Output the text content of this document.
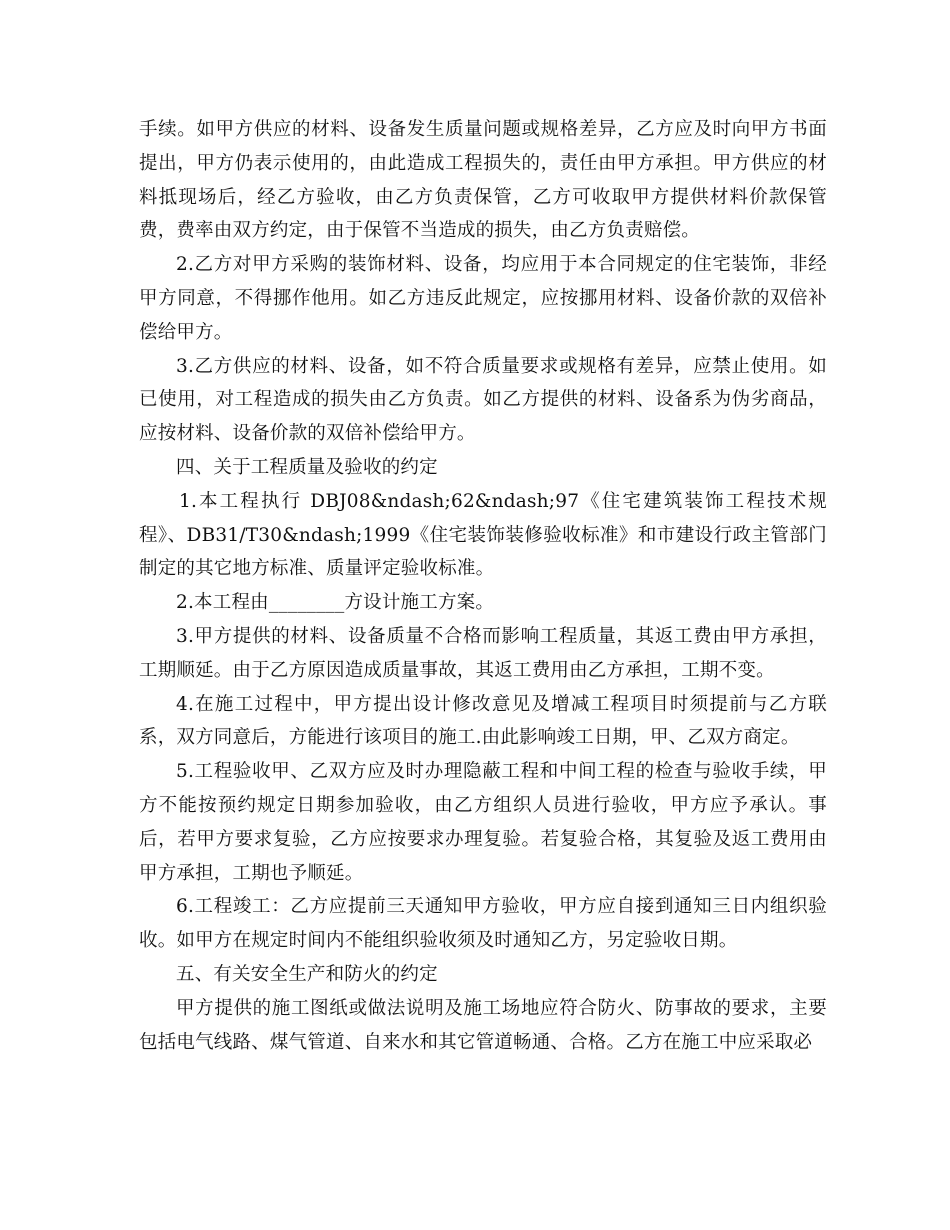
手续。如甲方供应的材料、设备发生质量问题或规格差异，乙方应及时向甲方书面提出，甲方仍表示使用的，由此造成工程损失的，责任由甲方承担。甲方供应的材料抵现场后，经乙方验收，由乙方负责保管，乙方可收取甲方提供材料价款保管费，费率由双方约定，由于保管不当造成的损失，由乙方负责赔偿。

2.乙方对甲方采购的装饰材料、设备，均应用于本合同规定的住宅装饰，非经甲方同意，不得挪作他用。如乙方违反此规定，应按挪用材料、设备价款的双倍补偿给甲方。

3.乙方供应的材料、设备，如不符合质量要求或规格有差异，应禁止使用。如已使用，对工程造成的损失由乙方负责。如乙方提供的材料、设备系为伪劣商品，应按材料、设备价款的双倍补偿给甲方。

四、关于工程质量及验收的约定

1.本工程执行 DBJ08&ndash;62&ndash;97《住宅建筑装饰工程技术规程》、DB31/T30&ndash;1999《住宅装饰装修验收标准》和市建设行政主管部门制定的其它地方标准、质量评定验收标准。

2.本工程由________方设计施工方案。

3.甲方提供的材料、设备质量不合格而影响工程质量，其返工费由甲方承担，工期顺延。由于乙方原因造成质量事故，其返工费用由乙方承担，工期不变。

4.在施工过程中，甲方提出设计修改意见及增减工程项目时须提前与乙方联系，双方同意后，方能进行该项目的施工.由此影响竣工日期，甲、乙双方商定。

5.工程验收甲、乙双方应及时办理隐蔽工程和中间工程的检查与验收手续，甲方不能按预约规定日期参加验收，由乙方组织人员进行验收，甲方应予承认。事后，若甲方要求复验，乙方应按要求办理复验。若复验合格，其复验及返工费用由甲方承担，工期也予顺延。

6.工程竣工：乙方应提前三天通知甲方验收，甲方应自接到通知三日内组织验收。如甲方在规定时间内不能组织验收须及时通知乙方，另定验收日期。

五、有关安全生产和防火的约定

甲方提供的施工图纸或做法说明及施工场地应符合防火、防事故的要求，主要包括电气线路、煤气管道、自来水和其它管道畅通、合格。乙方在施工中应采取必
